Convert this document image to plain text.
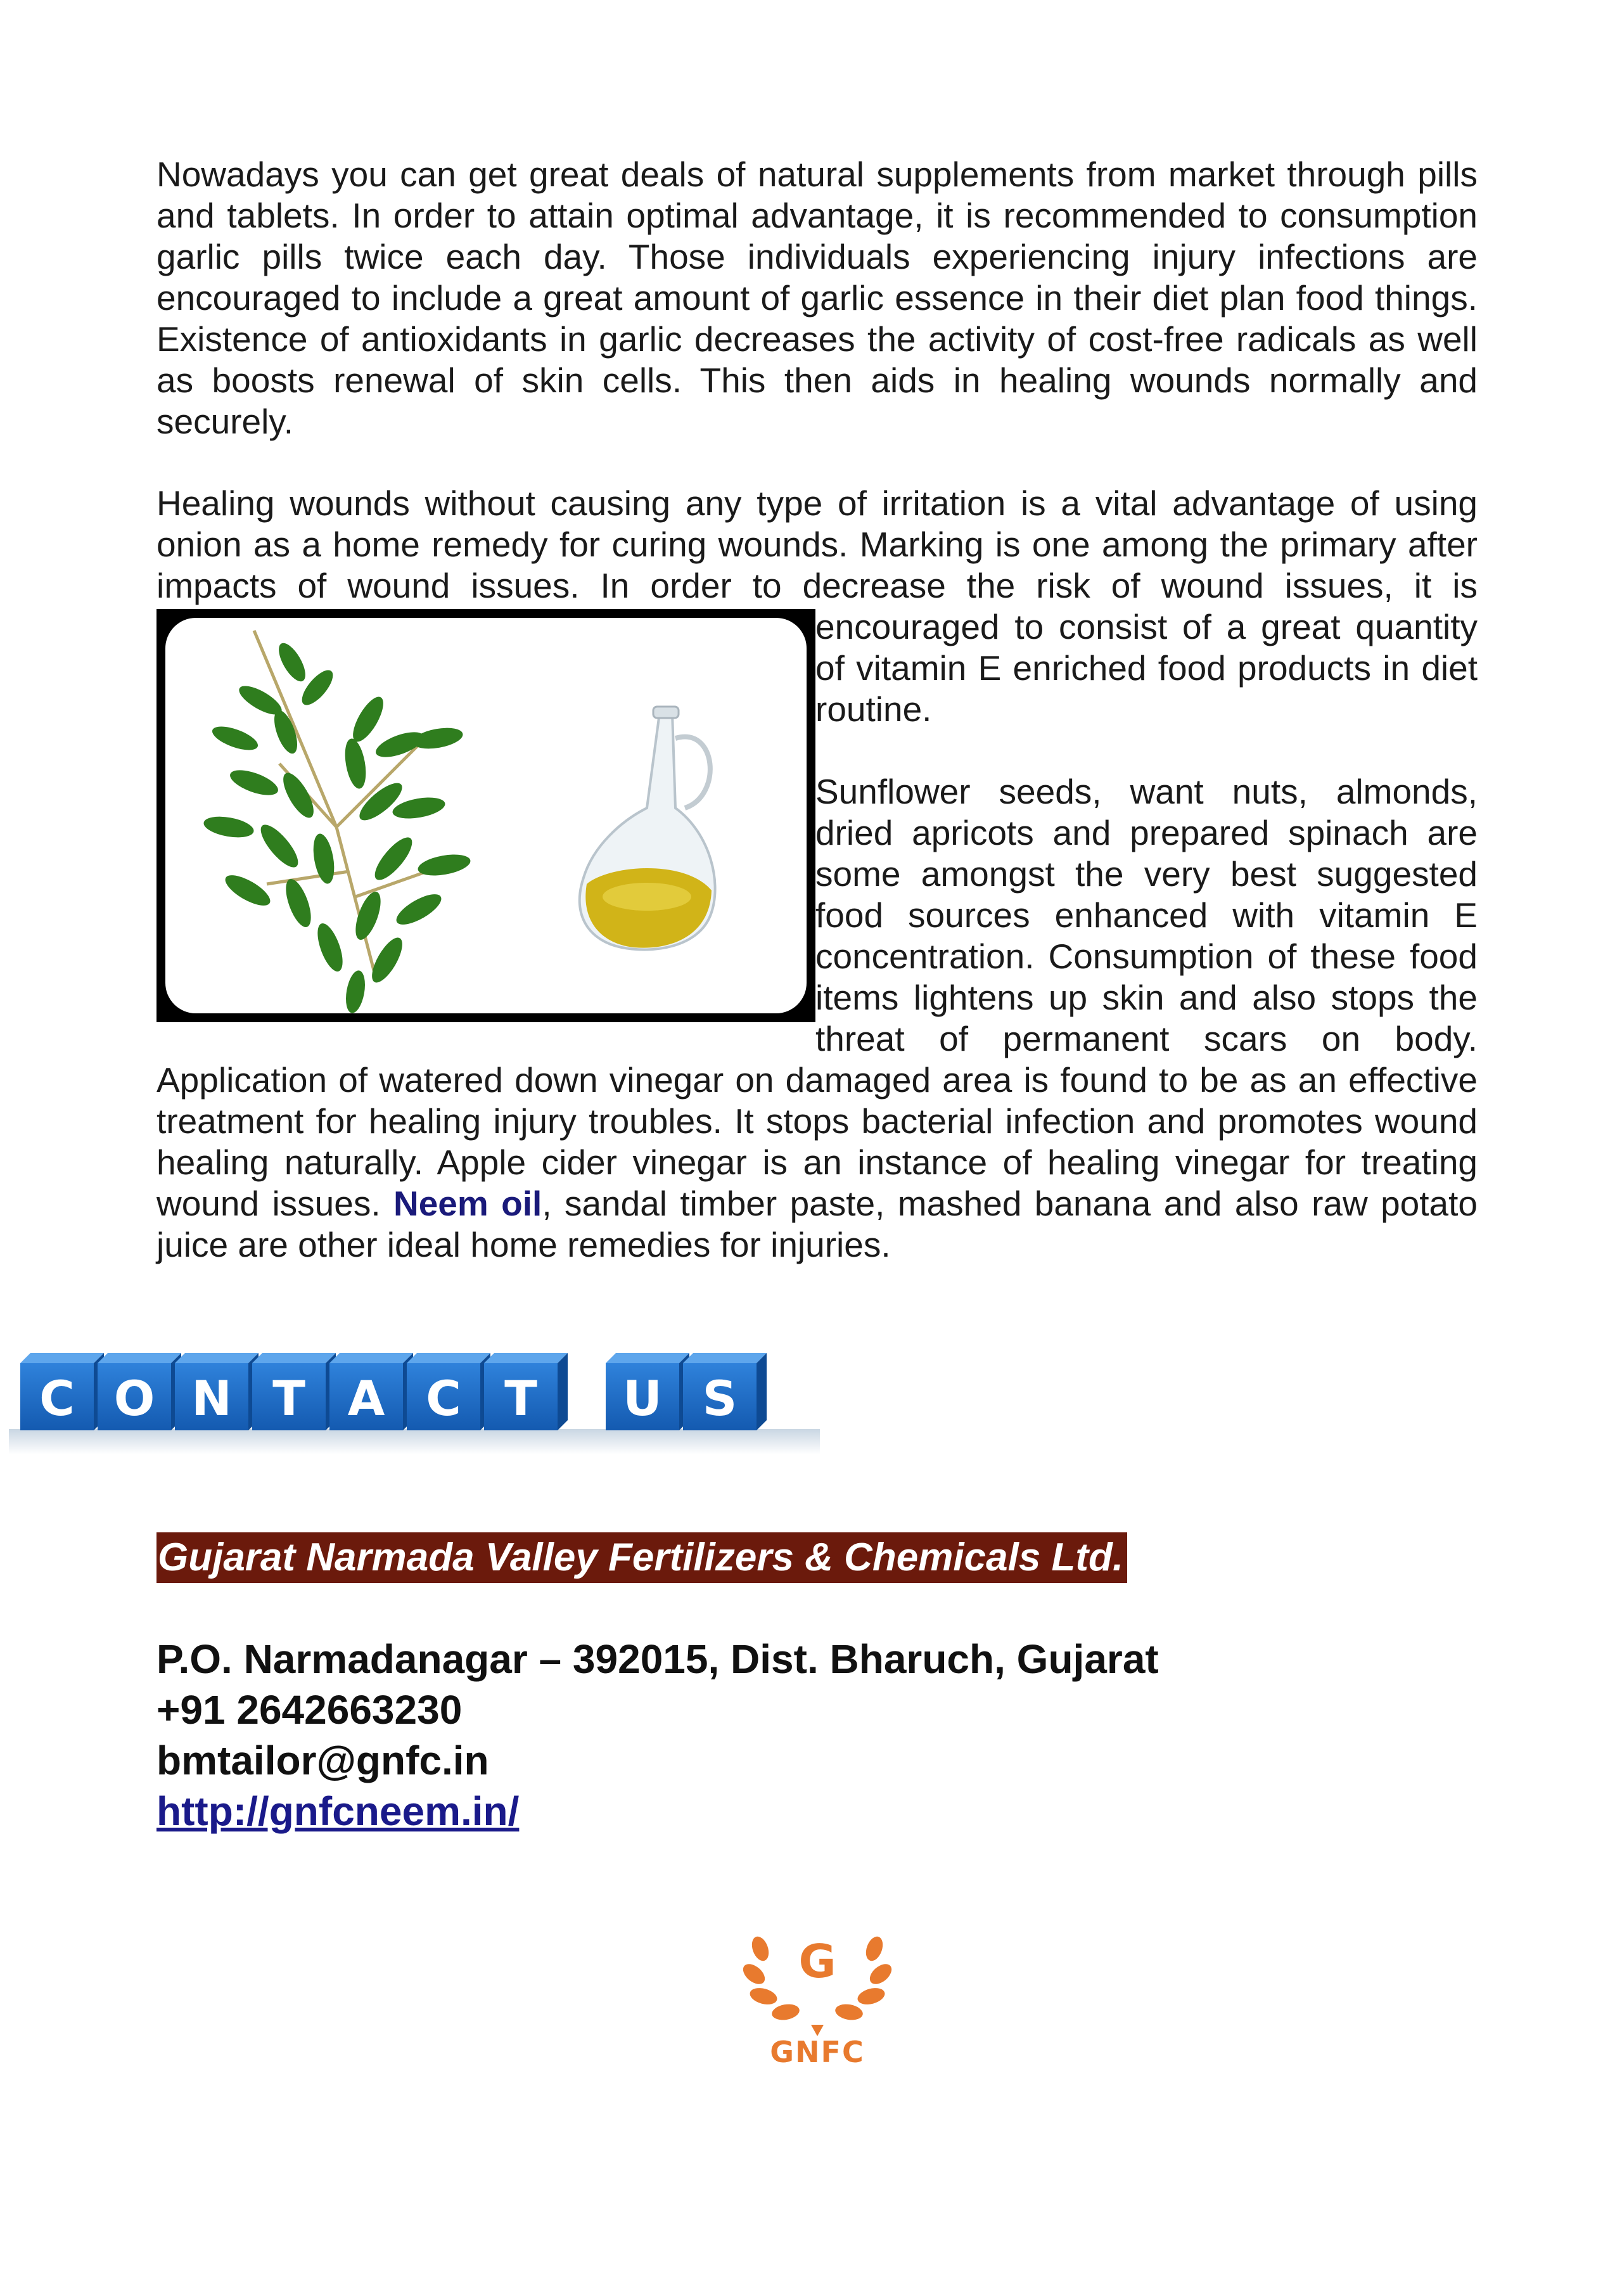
Nowadays you can get great deals of natural supplements from market through pills and tablets. In order to attain optimal advantage, it is recommended to consumption garlic pills twice each day. Those individuals experiencing injury infections are encouraged to include a great amount of garlic essence in their diet plan food things. Existence of antioxidants in garlic decreases the activity of cost-free radicals as well as boosts renewal of skin cells. This then aids in healing wounds normally and securely.

Healing wounds without causing any type of irritation is a vital advantage of using onion as a home remedy for curing wounds. Marking is one among the primary after impacts of wound issues. In order to decrease the risk of wound issues, it is encouraged to consist of a great quantity of vitamin E enriched food products in diet routine.

Sunflower seeds, want nuts, almonds, dried apricots and prepared spinach are some amongst the very best suggested food sources enhanced with vitamin E concentration. Consumption of these food items lightens up skin and also stops the threat of permanent scars on body. Application of watered down vinegar on damaged area is found to be as an effective treatment for healing injury troubles. It stops bacterial infection and promotes wound healing naturally. Apple cider vinegar is an instance of healing vinegar for treating wound issues. Neem oil, sandal timber paste, mashed banana and also raw potato juice are other ideal home remedies for injuries.

C O N T A C T U S
Gujarat Narmada Valley Fertilizers & Chemicals Ltd.
P.O. Narmadanagar – 392015, Dist. Bharuch, Gujarat
+91 2642663230
bmtailor@gnfc.in
http://gnfcneem.in/
G
GNFC
